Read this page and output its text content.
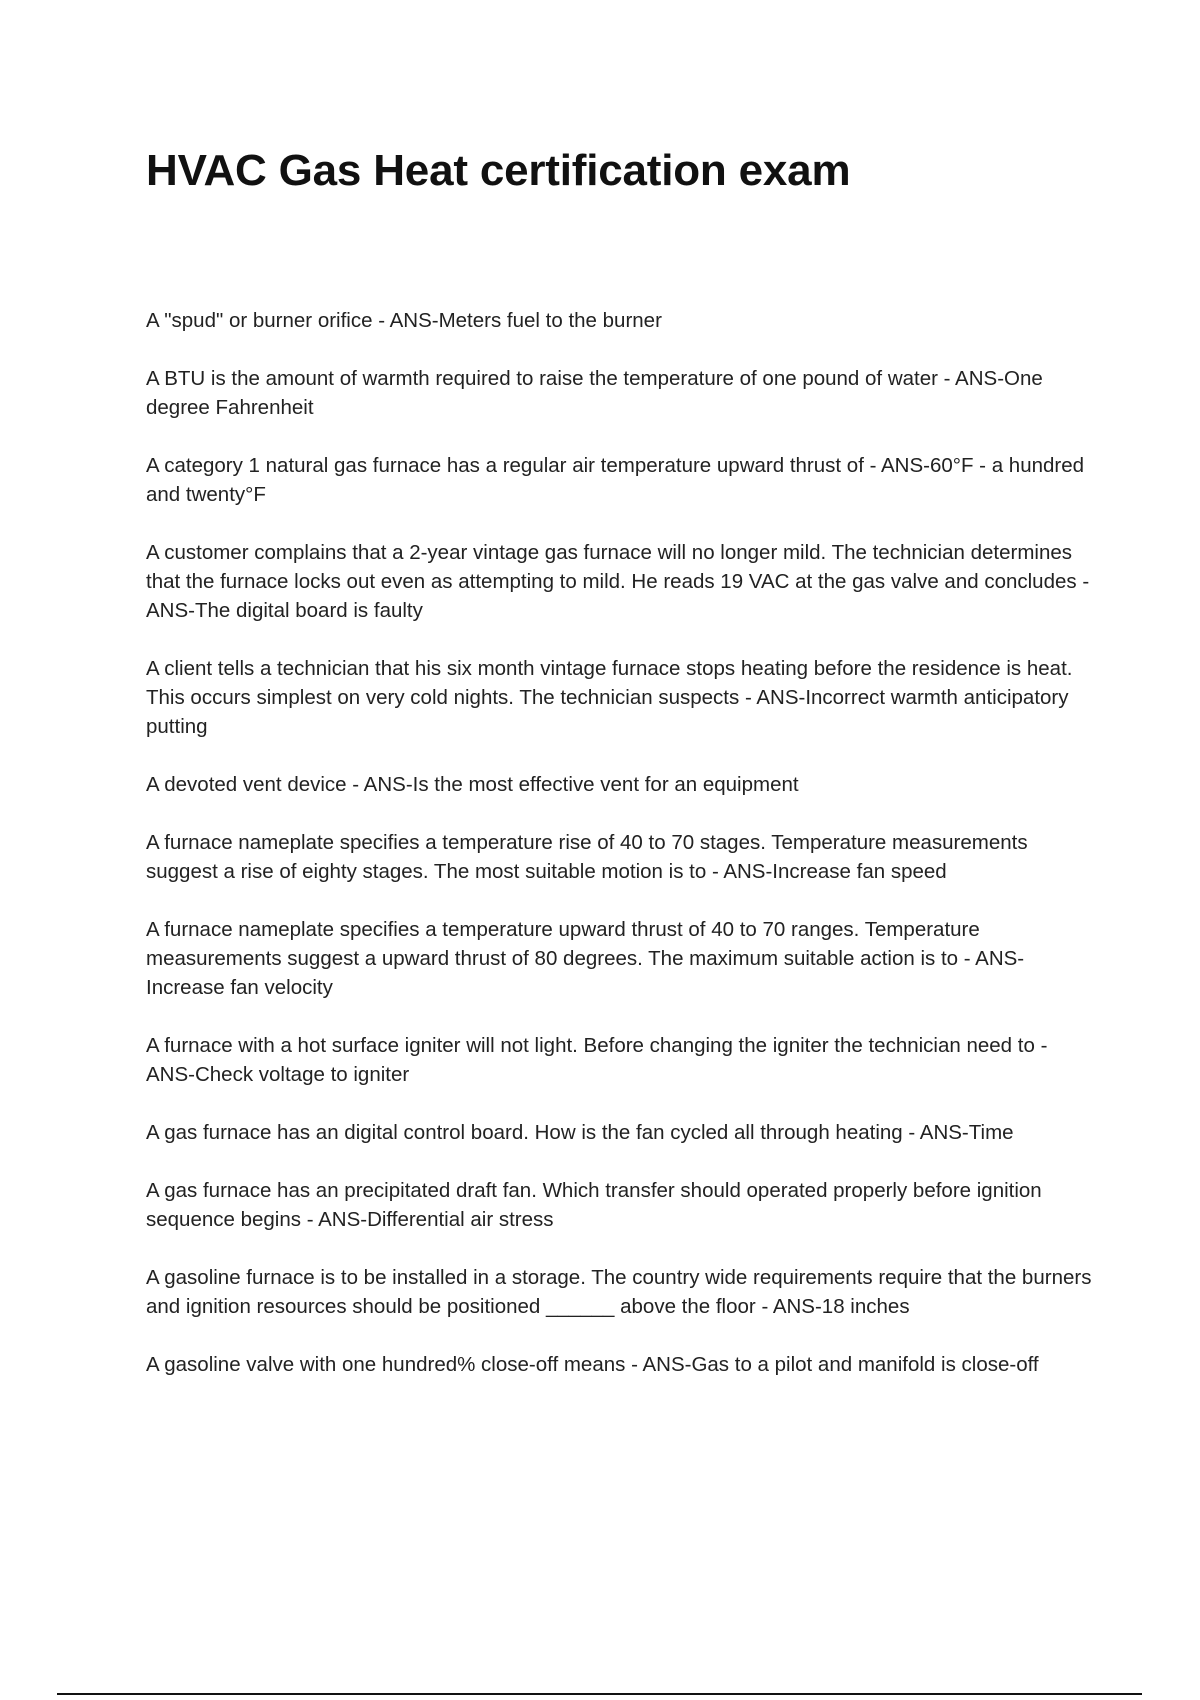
HVAC Gas Heat certification exam

A "spud" or burner orifice - ANS-Meters fuel to the burner

A BTU is the amount of warmth required to raise the temperature of one pound of water - ANS-One degree Fahrenheit

A category 1 natural gas furnace has a regular air temperature upward thrust of - ANS-60°F - a hundred and twenty°F

A customer complains that a 2-year vintage gas furnace will no longer mild. The technician determines that the furnace locks out even as attempting to mild. He reads 19 VAC at the gas valve and concludes - ANS-The digital board is faulty

A client tells a technician that his six month vintage furnace stops heating before the residence is heat. This occurs simplest on very cold nights. The technician suspects - ANS-Incorrect warmth anticipatory putting

A devoted vent device - ANS-Is the most effective vent for an equipment

A furnace nameplate specifies a temperature rise of 40 to 70 stages. Temperature measurements suggest a rise of eighty stages. The most suitable motion is to - ANS-Increase fan speed

A furnace nameplate specifies a temperature upward thrust of 40 to 70 ranges. Temperature measurements suggest a upward thrust of 80 degrees. The maximum suitable action is to - ANS-Increase fan velocity

A furnace with a hot surface igniter will not light. Before changing the igniter the technician need to - ANS-Check voltage to igniter

A gas furnace has an digital control board. How is the fan cycled all through heating - ANS-Time

A gas furnace has an precipitated draft fan. Which transfer should operated properly before ignition sequence begins - ANS-Differential air stress

A gasoline furnace is to be installed in a storage. The country wide requirements require that the burners and ignition resources should be positioned ______ above the floor - ANS-18 inches

A gasoline valve with one hundred% close-off means - ANS-Gas to a pilot and manifold is close-off
